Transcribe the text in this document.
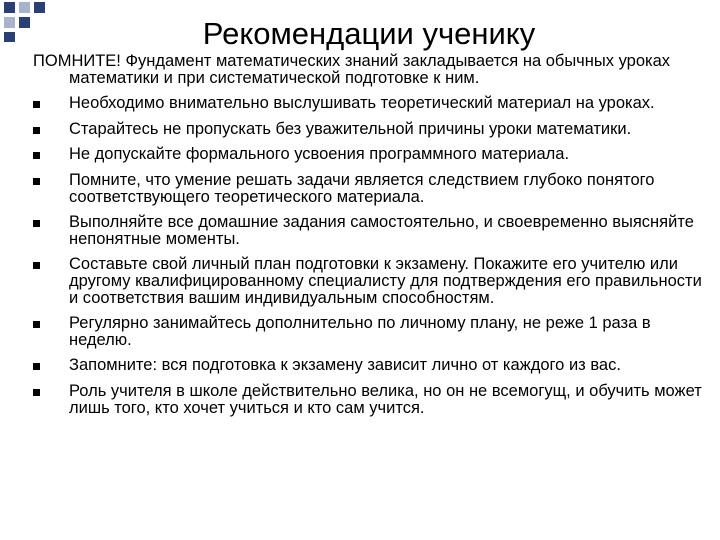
Рекомендации ученику

ПОМНИТЕ! Фундамент математических знаний закладывается на обычных уроках математики и при систематической подготовке к ним.

Необходимо внимательно выслушивать теоретический материал на уроках.
Старайтесь не пропускать без уважительной причины уроки математики.
Не допускайте формального усвоения программного материала.
Помните, что умение решать задачи является следствием глубоко понятого соответствующего теоретического материала.
Выполняйте все домашние задания самостоятельно, и своевременно выясняйте непонятные моменты.
Составьте свой личный план подготовки к экзамену. Покажите его учителю или другому квалифицированному специалисту для подтверждения его правильности и соответствия вашим индивидуальным способностям.
Регулярно занимайтесь дополнительно по личному плану, не реже 1 раза в неделю.
Запомните: вся подготовка к экзамену зависит лично от каждого из вас.
Роль учителя в школе действительно велика, но он не всемогущ, и обучить может лишь того, кто хочет учиться и кто сам учится.
